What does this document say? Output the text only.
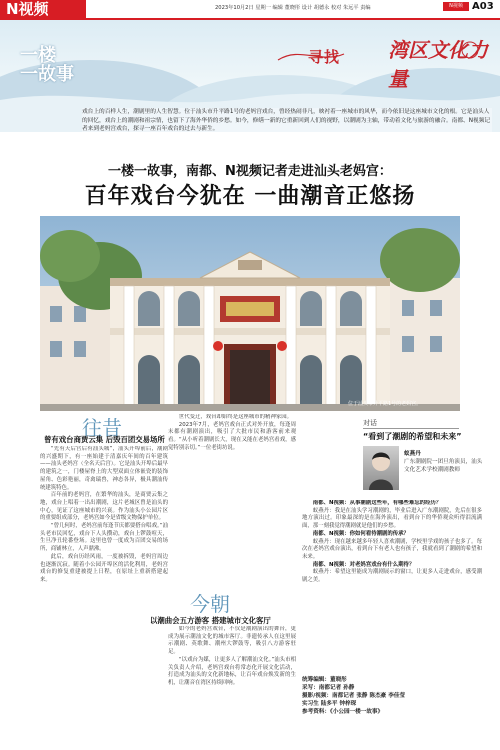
N视频	2023年10月2日 星期一 编辑 董晓彤 设计 胡德永 校对 朱远平 责编	N视频 A03
一楼
一故事
寻找 湾区文化力量
戏台上的百样人生，潮剧里的人生智慧。位于汕头市升平路1号的老妈宫戏台，曾经热闹非凡，映衬着一座城市的风华，而今依旧是这座城市文化的根。它是汕头人的回忆，戏台上的潮剧和祖宗情，也留下了海外华侨的乡愁。如今，修缮一新的它重新回到人们的视野，以潮剧为主轴，带动着文化与旅游的融合。南都、N视频记者来到老妈宫戏台，探寻一座百年戏台的过去与新生。
一楼一故事，南都、N视频记者走进汕头老妈宫：
百年戏台今犹在 一曲潮音正悠扬
位于汕头市升平路1号的老妈宫。
往昔
曾有戏台商贾云集 后毁百团交易场所

“先有天后宫后有汕头城”，汕头开埠前后，潮剧的兴盛期下，有一座始建于清嘉庆年间的百年建筑——汕头老妈宫（全名天后宫）。它是汕头开埠后最早的建筑之一，门楼屋脊上的大型双面立体嵌瓷的装饰屋角、色彩艳丽，奇禽瑞兽，神态各异，极具潮汕传统建筑特色。

百年前的老妈宫，在繁华的汕头，是商贾云集之地，戏台上唱着一出出潮剧，这片老城区曾是汕头的中心，见证了这座城市的兴衰。作为汕头小公园片区的重要组成部分，老妈宫如今是省级文物保护单位。

“曾几何时，老妈宫前每逢节庆都要搭台唱戏。”汕头老市民回忆，戏台下人头攒动，戏台上锣鼓喧天，生旦净丑轮番登场。这里也曾一度成为百团交易的场所，商铺林立，人声鼎沸。

此后，戏台历经风雨，一度被拆毁，老妈宫周边也逐渐沉寂。随着小公园开埠区的活化利用，老妈宫戏台的修复重建被提上日程，在原址上重新搭建起来。

世代变迁，戏台却始终是这座城市的精神家园。

2023年7月，老妈宫戏台正式对外开放，每逢周末都有潮剧演出，吸引了大批市民和游客前来观看。“从小听着潮剧长大，现在又能在老妈宫看戏，感觉特别亲切。”一位老街坊说。

今朝
以潮曲会五方游客 搭建城市文化客厅

如今的老妈宫戏台，不仅是潮剧演出的舞台，更成为展示潮汕文化的城市客厅。非遗传承人在这里展示潮剧、英歌舞、潮州大锣鼓等，吸引八方游客驻足。

“以戏台为媒，让更多人了解潮汕文化。”汕头市相关负责人介绍，老妈宫戏台将常态化开展文化活动，打造成为汕头的文化新地标，让百年戏台焕发新的生机，让潮音在湾区持续回响。

对话
“看到了潮剧的希望和未来”
蚁燕丹
广东潮剧院一团旦角演员，汕头文化艺术学校潮剧教师

南都、N视频：从事潮剧这些年，有哪些难忘的经历？

蚁燕丹：我是在汕头学习潮剧的，毕业后进入广东潮剧院，先后在很多地方演出过。印象最深的是在海外演出，看到台下的华侨观众听得泪流满面，那一刻我觉得潮剧就是他们的乡愁。

南都、N视频：你如何看待潮剧的传承？

蚁燕丹：现在越来越多年轻人喜欢潮剧，学校里学戏的孩子也多了。每次在老妈宫戏台演出，看到台下有老人也有孩子，我就看到了潮剧的希望和未来。

南都、N视频：对老妈宫戏台有什么期待？

蚁燕丹：希望这里能成为潮剧展示的窗口，让更多人走进戏台，感受潮剧之美。

统筹编辑：董晓彤
采写：南都记者 孙静
摄影/视频：南都记者 张静 陈杰豪 李佳莹
实习生 陆多平 钟梓琛
参考资料：《小公园一楼一故事》
